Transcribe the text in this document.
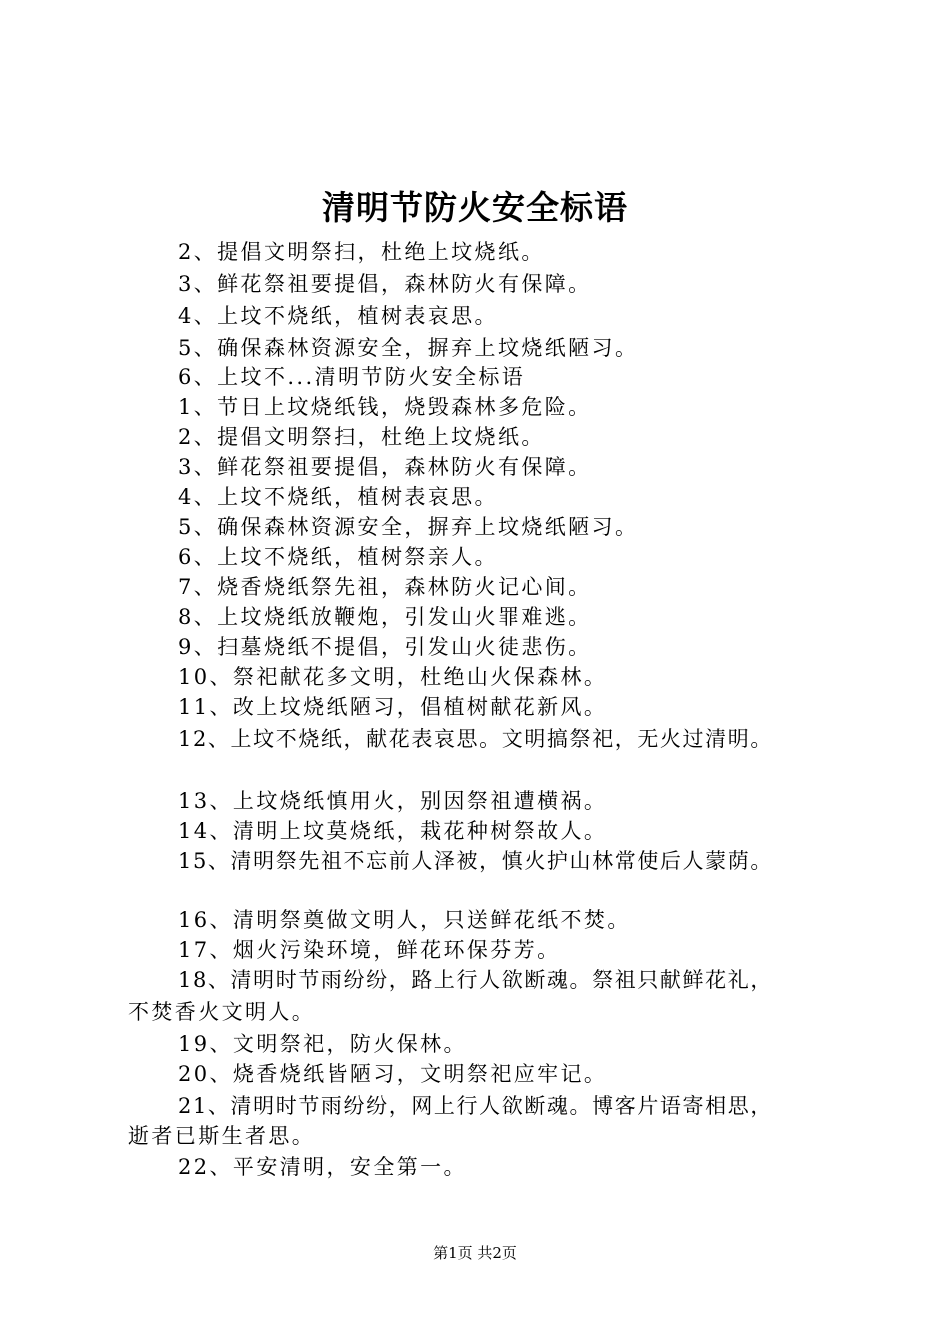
清明节防火安全标语
2、提倡文明祭扫，杜绝上坟烧纸。
3、鲜花祭祖要提倡，森林防火有保障。
4、上坟不烧纸，植树表哀思。
5、确保森林资源安全，摒弃上坟烧纸陋习。
6、上坟不...清明节防火安全标语
1、节日上坟烧纸钱，烧毁森林多危险。
2、提倡文明祭扫，杜绝上坟烧纸。
3、鲜花祭祖要提倡，森林防火有保障。
4、上坟不烧纸，植树表哀思。
5、确保森林资源安全，摒弃上坟烧纸陋习。
6、上坟不烧纸，植树祭亲人。
7、烧香烧纸祭先祖，森林防火记心间。
8、上坟烧纸放鞭炮，引发山火罪难逃。
9、扫墓烧纸不提倡，引发山火徒悲伤。
10、祭祀献花多文明，杜绝山火保森林。
11、改上坟烧纸陋习，倡植树献花新风。
12、上坟不烧纸，献花表哀思。文明搞祭祀，无火过清明。
13、上坟烧纸慎用火，别因祭祖遭横祸。
14、清明上坟莫烧纸，栽花种树祭故人。
15、清明祭先祖不忘前人泽被，慎火护山林常使后人蒙荫。
16、清明祭奠做文明人，只送鲜花纸不焚。
17、烟火污染环境，鲜花环保芬芳。
18、清明时节雨纷纷，路上行人欲断魂。祭祖只献鲜花礼，
不焚香火文明人。
19、文明祭祀，防火保林。
20、烧香烧纸皆陋习，文明祭祀应牢记。
21、清明时节雨纷纷，网上行人欲断魂。博客片语寄相思，
逝者已斯生者思。
22、平安清明，安全第一。
第1页 共2页
